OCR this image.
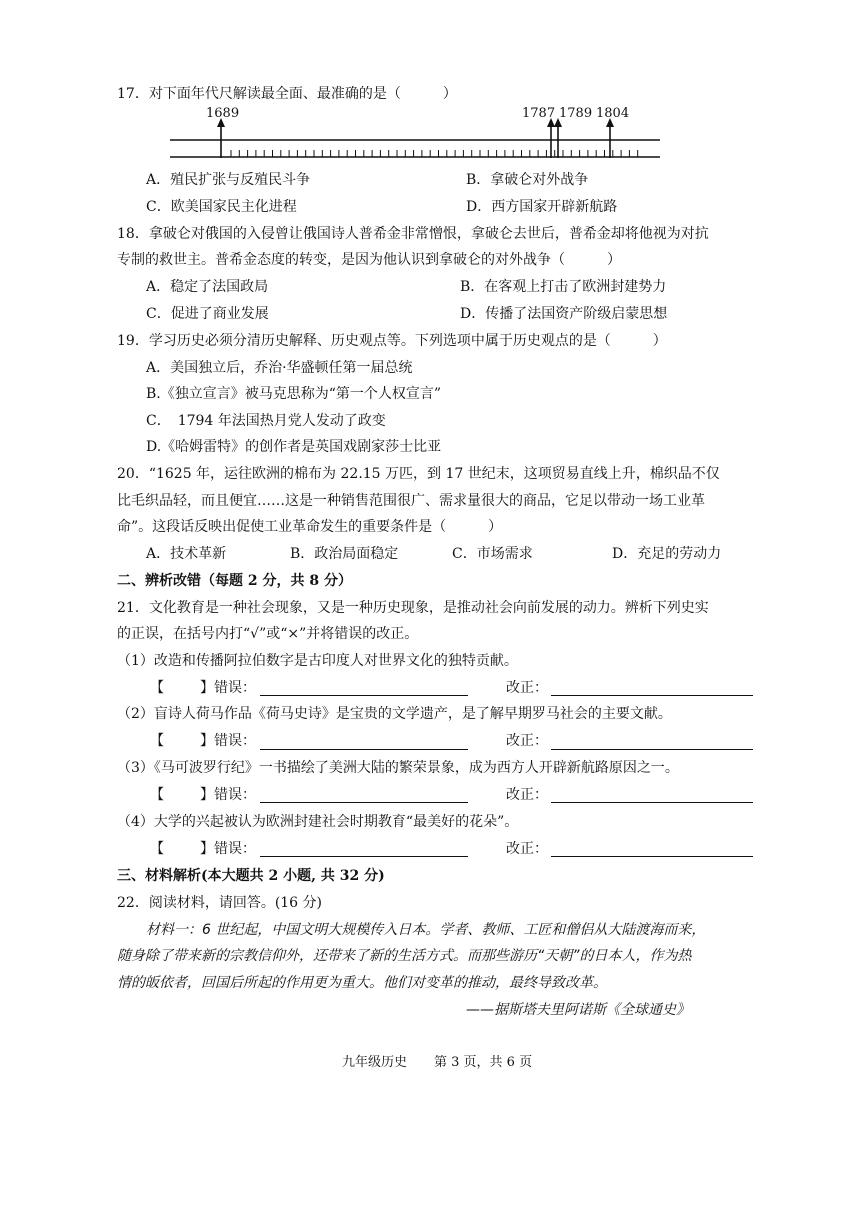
17．对下面年代尺解读最全面、最准确的是（　　　）
1689	1787 1789 1804
A．殖民扩张与反殖民斗争	B．拿破仑对外战争
C．欧美国家民主化进程	D．西方国家开辟新航路
18．拿破仑对俄国的入侵曾让俄国诗人普希金非常憎恨，拿破仑去世后，普希金却将他视为对抗
专制的救世主。普希金态度的转变，是因为他认识到拿破仑的对外战争（　　　）
A．稳定了法国政局	B．在客观上打击了欧洲封建势力
C．促进了商业发展	D．传播了法国资产阶级启蒙思想
19．学习历史必须分清历史解释、历史观点等。下列选项中属于历史观点的是（　　　）
A．美国独立后，乔治·华盛顿任第一届总统
B.《独立宣言》被马克思称为“第一个人权宣言”
C．　1794 年法国热月党人发动了政变
D.《哈姆雷特》的创作者是英国戏剧家莎士比亚
20．“1625 年，运往欧洲的棉布为 22.15 万匹，到 17 世纪末，这项贸易直线上升，棉织品不仅
比毛织品轻，而且便宜……这是一种销售范围很广、需求量很大的商品，它足以带动一场工业革
命”。这段话反映出促使工业革命发生的重要条件是（　　　）
A．技术革新	B．政治局面稳定	C．市场需求	D．充足的劳动力
二、辨析改错（每题 2 分，共 8 分）
21．文化教育是一种社会现象，又是一种历史现象，是推动社会向前发展的动力。辨析下列史实
的正误，在括号内打“√”或“×”并将错误的改正。
（1）改造和传播阿拉伯数字是古印度人对世界文化的独特贡献。
【	】错误：	改正：
（2）盲诗人荷马作品《荷马史诗》是宝贵的文学遗产，是了解早期罗马社会的主要文献。
【	】错误：	改正：
（3）《马可波罗行纪》一书描绘了美洲大陆的繁荣景象，成为西方人开辟新航路原因之一。
【	】错误：	改正：
（4）大学的兴起被认为欧洲封建社会时期教育“最美好的花朵”。
【	】错误：	改正：
三、材料解析(本大题共 2 小题, 共 32 分)
22．阅读材料，请回答。(16 分)
材料一：6 世纪起，中国文明大规模传入日本。学者、教师、工匠和僧侣从大陆渡海而来，
随身除了带来新的宗教信仰外，还带来了新的生活方式。而那些游历“天朝”的日本人，作为热
情的皈依者，回国后所起的作用更为重大。他们对变革的推动，最终导致改革。
——据斯塔夫里阿诺斯《全球通史》
九年级历史 第 3 页，共 6 页
